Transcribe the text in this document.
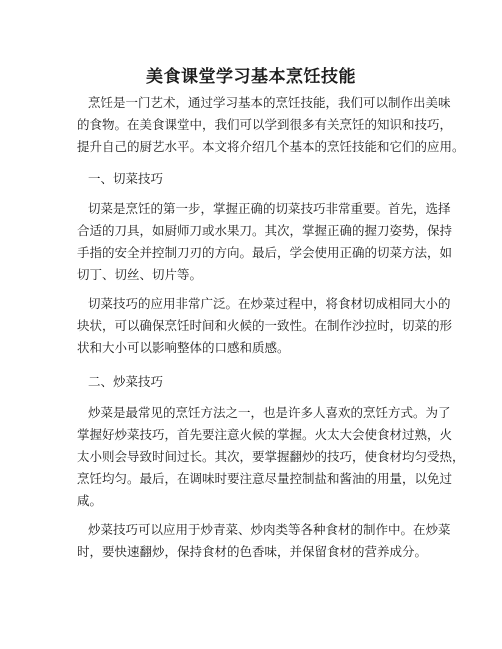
美食课堂学习基本烹饪技能
烹饪是一门艺术，通过学习基本的烹饪技能，我们可以制作出美味
的食物。在美食课堂中，我们可以学到很多有关烹饪的知识和技巧，
提升自己的厨艺水平。本文将介绍几个基本的烹饪技能和它们的应用。
一、切菜技巧
切菜是烹饪的第一步，掌握正确的切菜技巧非常重要。首先，选择
合适的刀具，如厨师刀或水果刀。其次，掌握正确的握刀姿势，保持
手指的安全并控制刀刃的方向。最后，学会使用正确的切菜方法，如
切丁、切丝、切片等。
切菜技巧的应用非常广泛。在炒菜过程中，将食材切成相同大小的
块状，可以确保烹饪时间和火候的一致性。在制作沙拉时，切菜的形
状和大小可以影响整体的口感和质感。
二、炒菜技巧
炒菜是最常见的烹饪方法之一，也是许多人喜欢的烹饪方式。为了
掌握好炒菜技巧，首先要注意火候的掌握。火太大会使食材过熟，火
太小则会导致时间过长。其次，要掌握翻炒的技巧，使食材均匀受热，
烹饪均匀。最后，在调味时要注意尽量控制盐和酱油的用量，以免过
咸。
炒菜技巧可以应用于炒青菜、炒肉类等各种食材的制作中。在炒菜
时，要快速翻炒，保持食材的色香味，并保留食材的营养成分。
